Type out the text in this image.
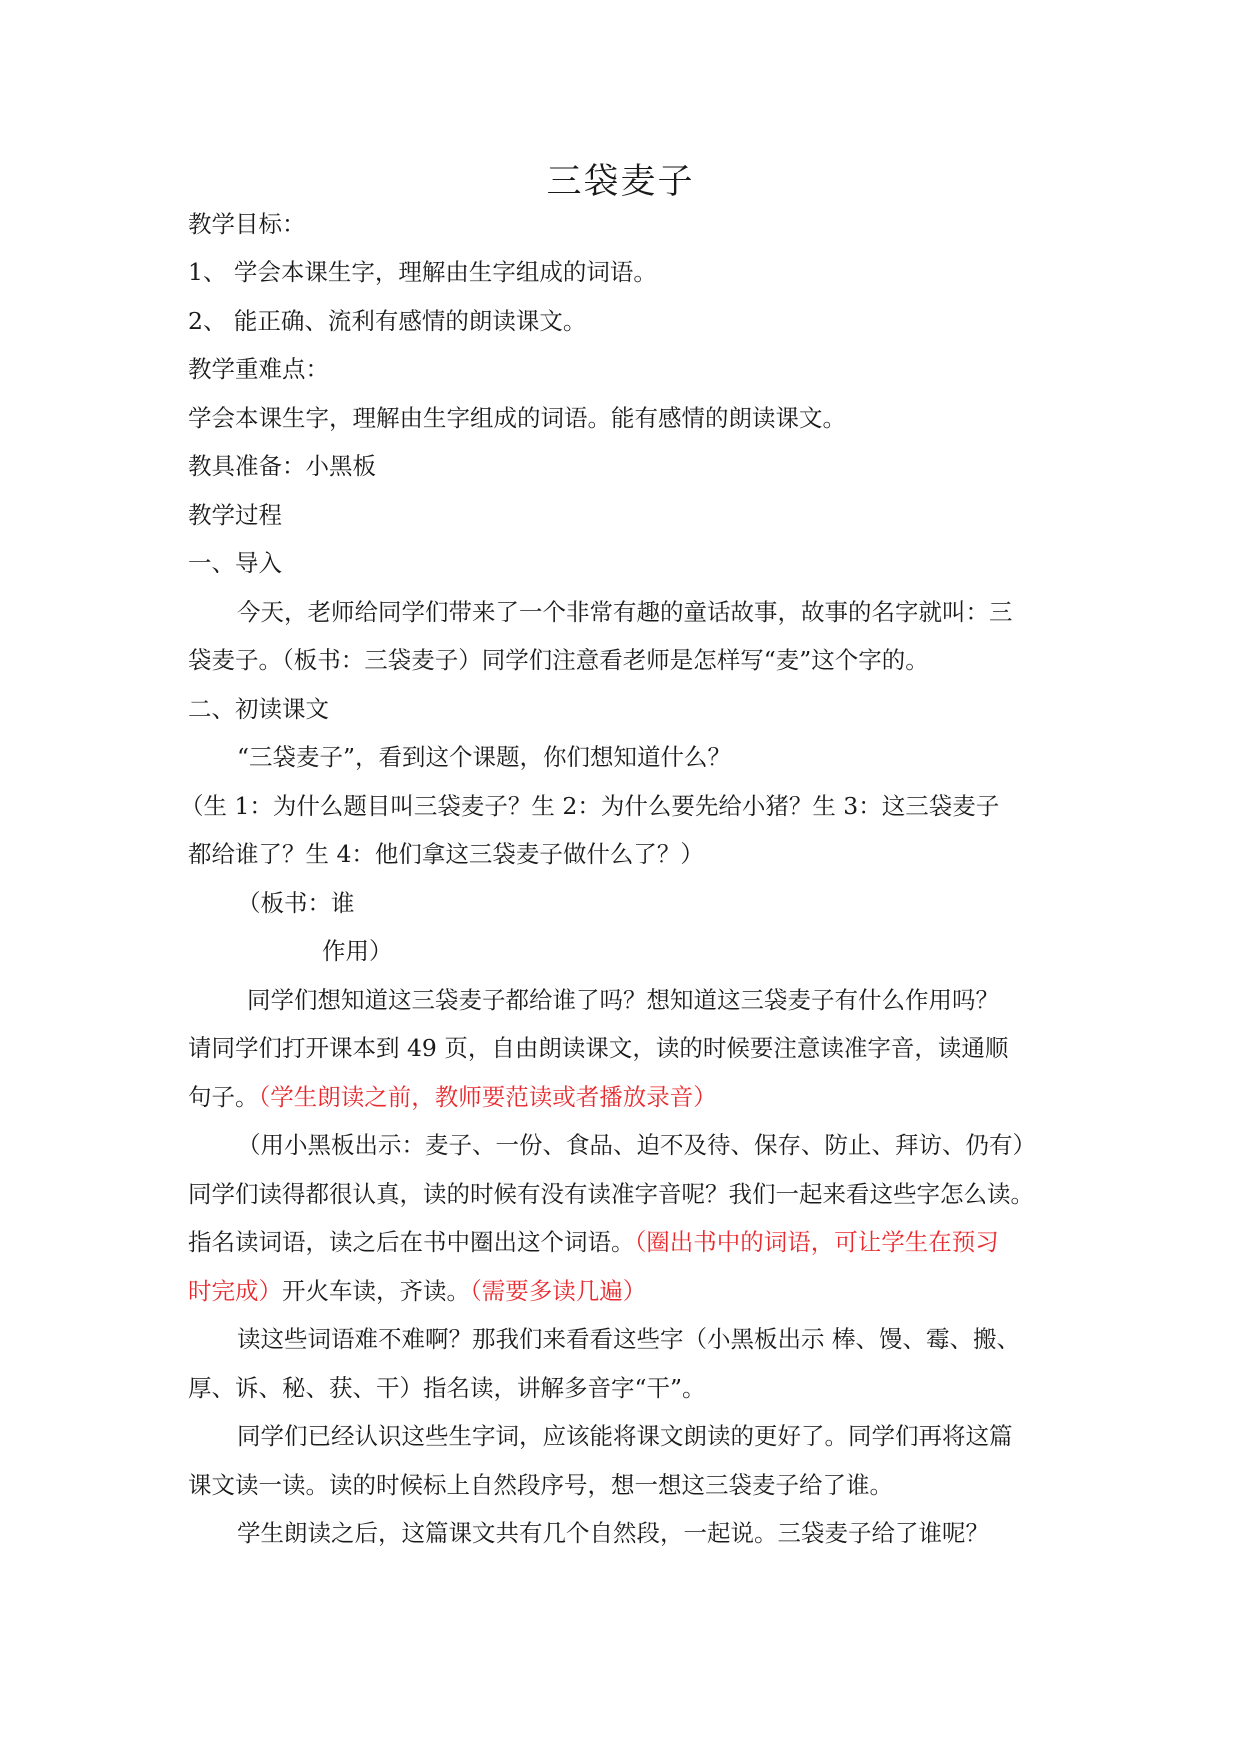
三袋麦子
教学目标：
1、 学会本课生字，理解由生字组成的词语。
2、 能正确、流利有感情的朗读课文。
教学重难点：
学会本课生字，理解由生字组成的词语。能有感情的朗读课文。
教具准备：小黑板
教学过程
一、导入
今天，老师给同学们带来了一个非常有趣的童话故事，故事的名字就叫：三
袋麦子。（板书：三袋麦子）同学们注意看老师是怎样写“麦”这个字的。
二、初读课文
“三袋麦子”，看到这个课题，你们想知道什么？
（生 1：为什么题目叫三袋麦子？生 2：为什么要先给小猪？生 3：这三袋麦子
都给谁了？生 4：他们拿这三袋麦子做什么了？）
（板书：谁
作用）
同学们想知道这三袋麦子都给谁了吗？想知道这三袋麦子有什么作用吗？
请同学们打开课本到 49 页，自由朗读课文，读的时候要注意读准字音，读通顺
句子。（学生朗读之前，教师要范读或者播放录音）
（用小黑板出示：麦子、一份、食品、迫不及待、保存、防止、拜访、仍有）
同学们读得都很认真，读的时候有没有读准字音呢？我们一起来看这些字怎么读。
指名读词语，读之后在书中圈出这个词语。（圈出书中的词语，可让学生在预习
时完成）开火车读，齐读。（需要多读几遍）
读这些词语难不难啊？那我们来看看这些字（小黑板出示 棒、馒、霉、搬、
厚、诉、秘、获、干）指名读，讲解多音字“干”。
同学们已经认识这些生字词，应该能将课文朗读的更好了。同学们再将这篇
课文读一读。读的时候标上自然段序号，想一想这三袋麦子给了谁。
学生朗读之后，这篇课文共有几个自然段，一起说。三袋麦子给了谁呢？
